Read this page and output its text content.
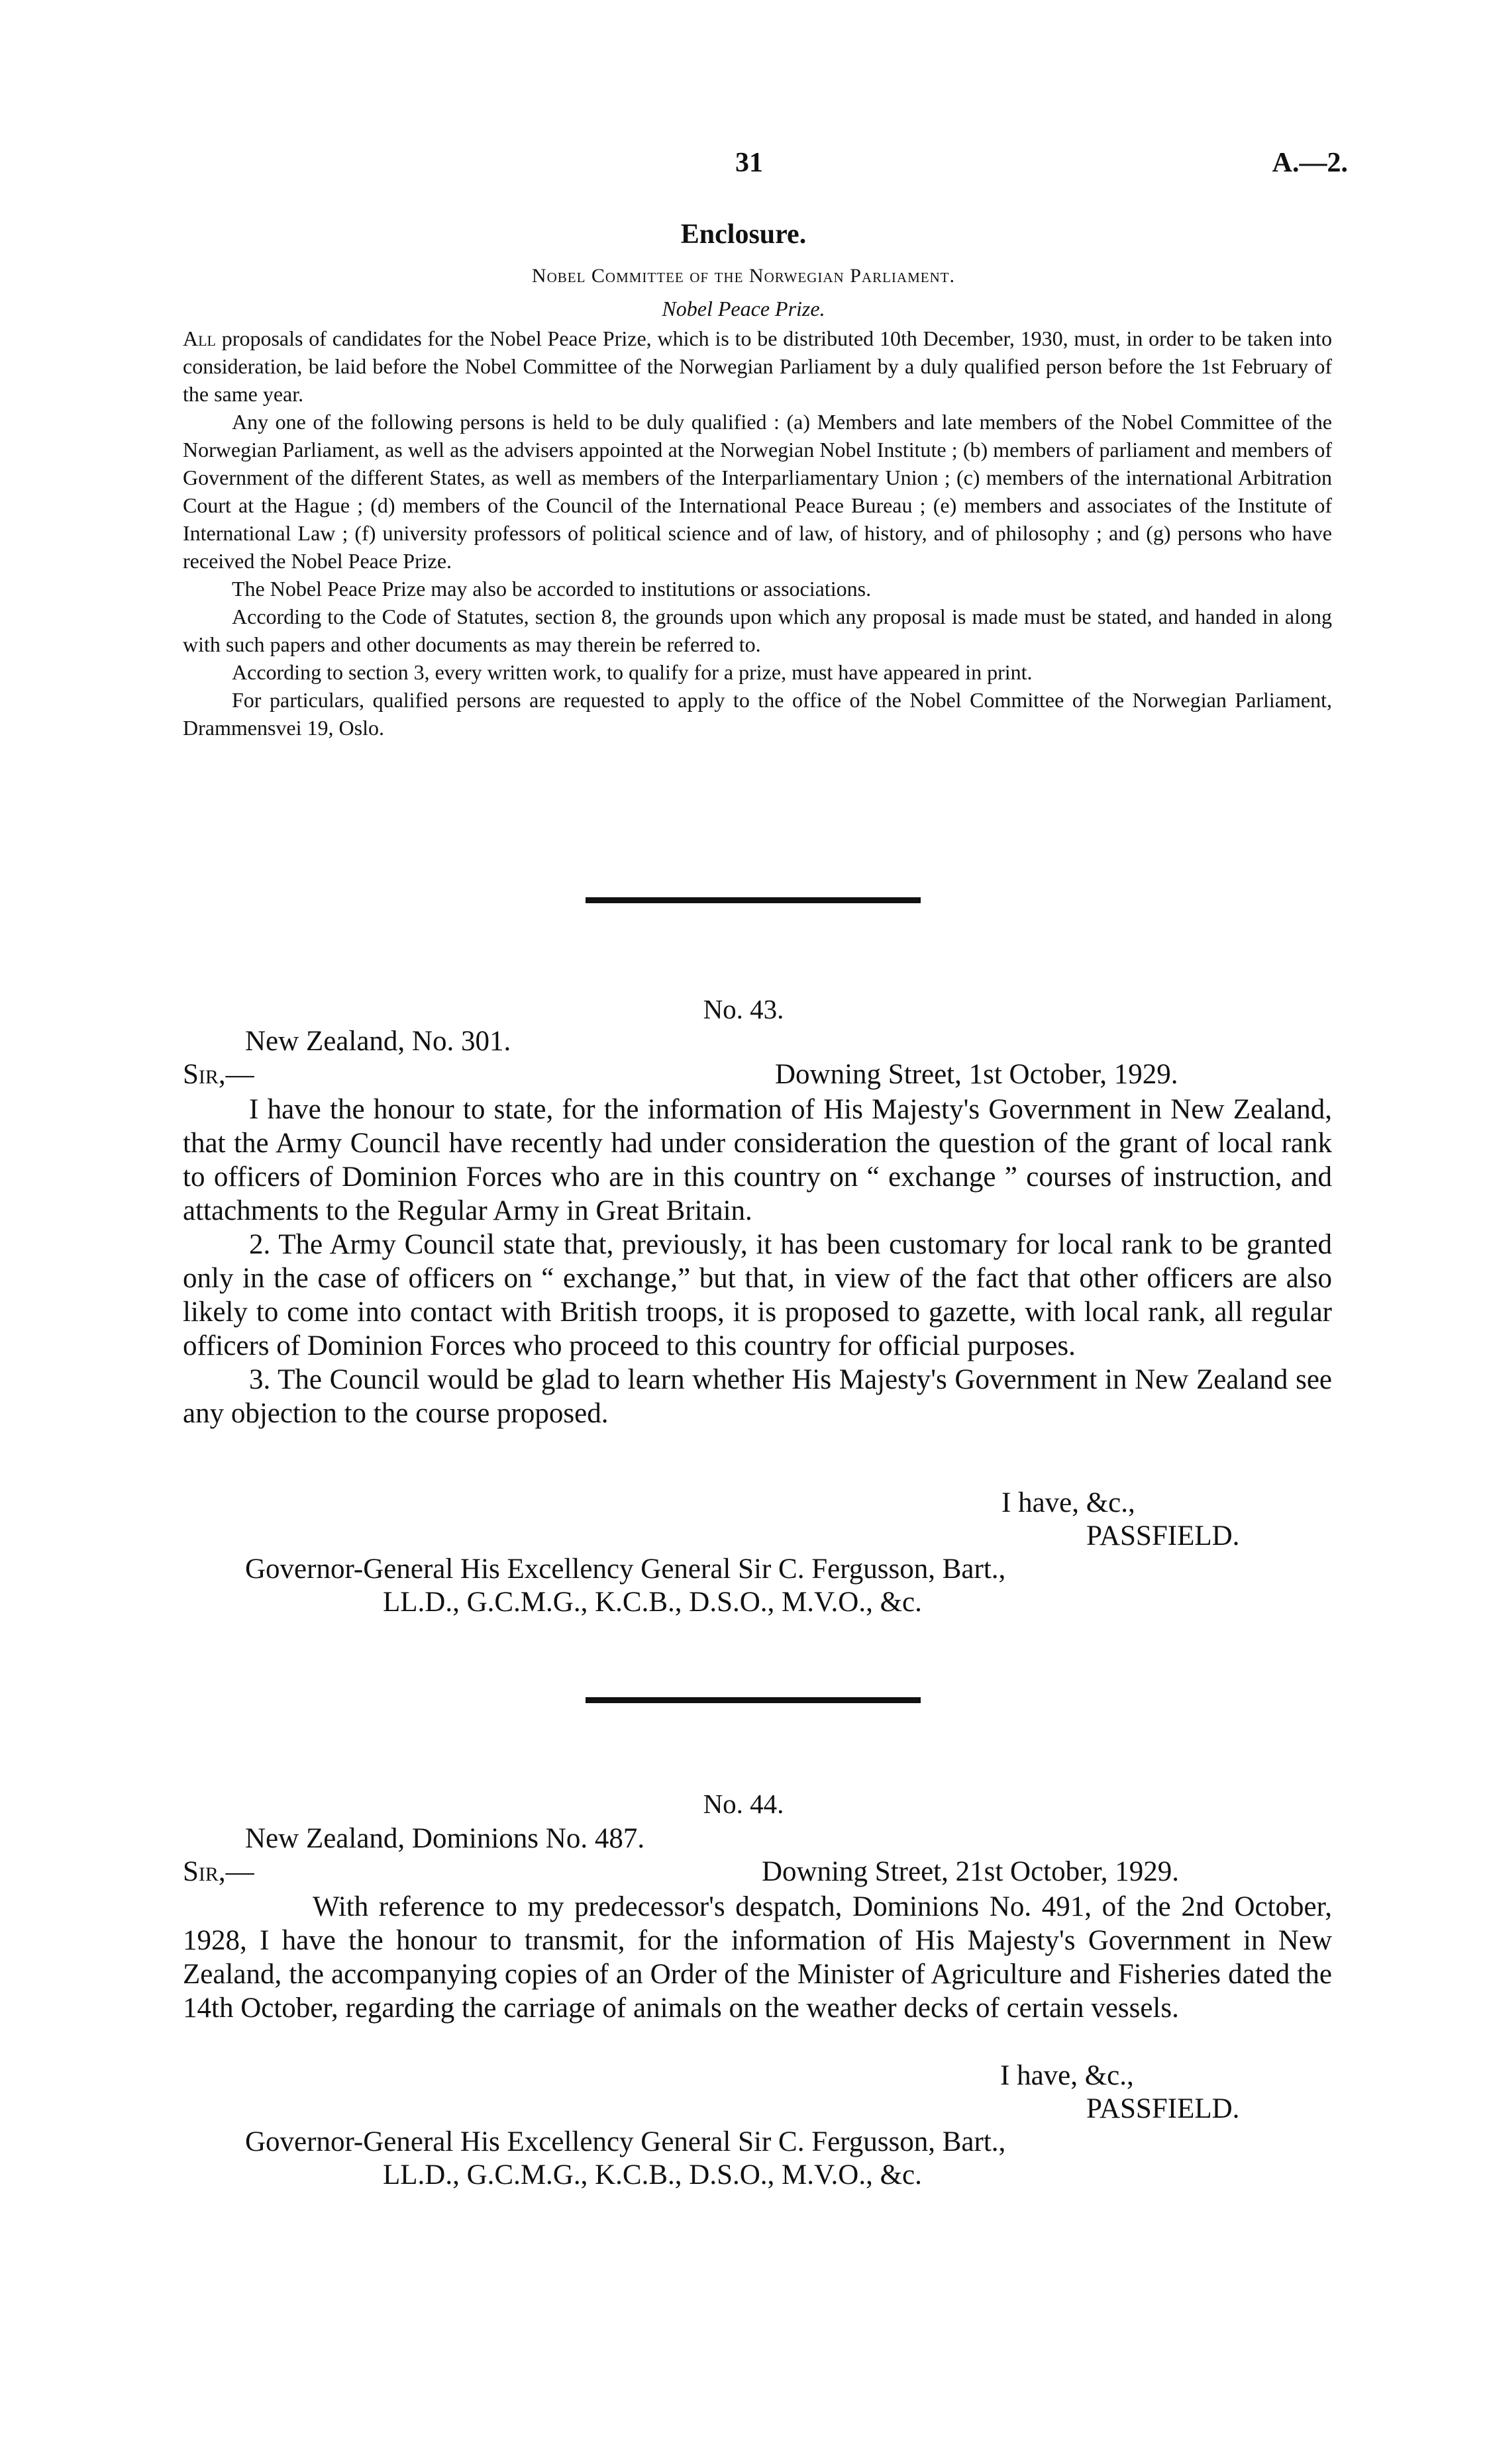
31	A.—2.
Enclosure.
Nobel Committee of the Norwegian Parliament.
Nobel Peace Prize.

All proposals of candidates for the Nobel Peace Prize, which is to be distributed 10th December, 1930, must, in order to be taken into consideration, be laid before the Nobel Committee of the Norwegian Parliament by a duly qualified person before the 1st February of the same year.

Any one of the following persons is held to be duly qualified : (a) Members and late members of the Nobel Committee of the Norwegian Parliament, as well as the advisers appointed at the Norwegian Nobel Institute ; (b) members of parliament and members of Government of the different States, as well as members of the Interparliamentary Union ; (c) members of the international Arbitration Court at the Hague ; (d) members of the Council of the International Peace Bureau ; (e) members and associates of the Institute of International Law ; (f) university professors of political science and of law, of history, and of philosophy ; and (g) persons who have received the Nobel Peace Prize.

The Nobel Peace Prize may also be accorded to institutions or associations.

According to the Code of Statutes, section 8, the grounds upon which any proposal is made must be stated, and handed in along with such papers and other documents as may therein be referred to.

According to section 3, every written work, to qualify for a prize, must have appeared in print.

For particulars, qualified persons are requested to apply to the office of the Nobel Committee of the Norwegian Parliament, Drammensvei 19, Oslo.

No. 43.
New Zealand, No. 301.
Sir,—	Downing Street, 1st October, 1929.

I have the honour to state, for the information of His Majesty's Government in New Zealand, that the Army Council have recently had under consideration the question of the grant of local rank to officers of Dominion Forces who are in this country on “ exchange ” courses of instruction, and attachments to the Regular Army in Great Britain.

2. The Army Council state that, previously, it has been customary for local rank to be granted only in the case of officers on “ exchange,” but that, in view of the fact that other officers are also likely to come into contact with British troops, it is proposed to gazette, with local rank, all regular officers of Dominion Forces who proceed to this country for official purposes.

3. The Council would be glad to learn whether His Majesty's Government in New Zealand see any objection to the course proposed.

I have, &c.,
PASSFIELD.
Governor-General His Excellency General Sir C. Fergusson, Bart.,
LL.D., G.C.M.G., K.C.B., D.S.O., M.V.O., &c.
No. 44.
New Zealand, Dominions No. 487.
Sir,—	Downing Street, 21st October, 1929.

With reference to my predecessor's despatch, Dominions No. 491, of the 2nd October, 1928, I have the honour to transmit, for the information of His Majesty's Government in New Zealand, the accompanying copies of an Order of the Minister of Agriculture and Fisheries dated the 14th October, regarding the carriage of animals on the weather decks of certain vessels.

I have, &c.,
PASSFIELD.
Governor-General His Excellency General Sir C. Fergusson, Bart.,
LL.D., G.C.M.G., K.C.B., D.S.O., M.V.O., &c.
